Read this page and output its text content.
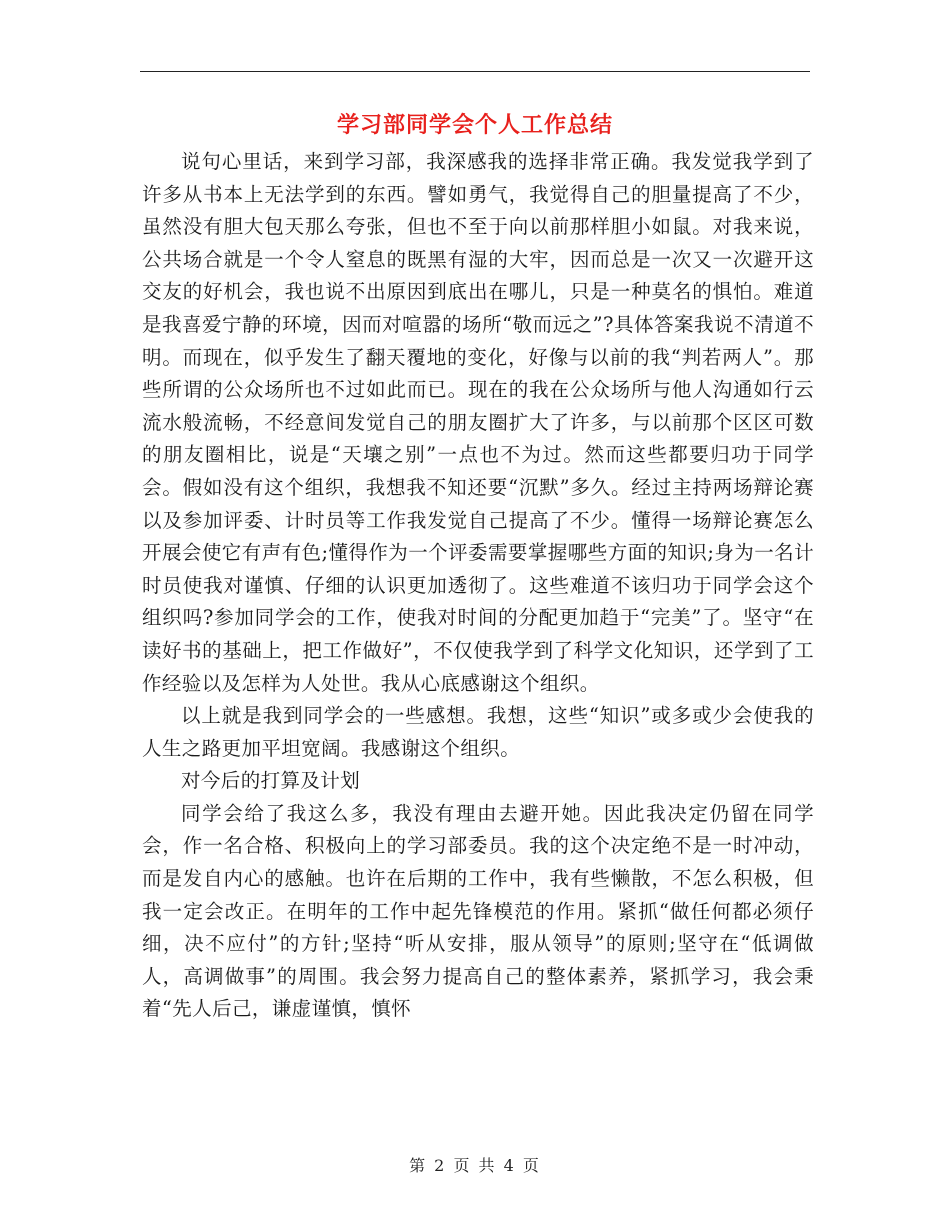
学习部同学会个人工作总结

说句心里话，来到学习部，我深感我的选择非常正确。我发觉我学到了许多从书本上无法学到的东西。譬如勇气，我觉得自己的胆量提高了不少，虽然没有胆大包天那么夸张，但也不至于向以前那样胆小如鼠。对我来说，公共场合就是一个令人窒息的既黑有湿的大牢，因而总是一次又一次避开这交友的好机会，我也说不出原因到底出在哪儿，只是一种莫名的惧怕。难道是我喜爱宁静的环境，因而对喧嚣的场所“敬而远之”?具体答案我说不清道不明。而现在，似乎发生了翻天覆地的变化，好像与以前的我“判若两人”。那些所谓的公众场所也不过如此而已。现在的我在公众场所与他人沟通如行云流水般流畅，不经意间发觉自己的朋友圈扩大了许多，与以前那个区区可数的朋友圈相比，说是“天壤之别”一点也不为过。然而这些都要归功于同学会。假如没有这个组织，我想我不知还要“沉默”多久。经过主持两场辩论赛以及参加评委、计时员等工作我发觉自己提高了不少。懂得一场辩论赛怎么开展会使它有声有色;懂得作为一个评委需要掌握哪些方面的知识;身为一名计时员使我对谨慎、仔细的认识更加透彻了。这些难道不该归功于同学会这个组织吗?参加同学会的工作，使我对时间的分配更加趋于“完美”了。坚守“在读好书的基础上，把工作做好”，不仅使我学到了科学文化知识，还学到了工作经验以及怎样为人处世。我从心底感谢这个组织。

以上就是我到同学会的一些感想。我想，这些“知识”或多或少会使我的人生之路更加平坦宽阔。我感谢这个组织。

对今后的打算及计划

同学会给了我这么多，我没有理由去避开她。因此我决定仍留在同学会，作一名合格、积极向上的学习部委员。我的这个决定绝不是一时冲动，而是发自内心的感触。也许在后期的工作中，我有些懒散，不怎么积极，但我一定会改正。在明年的工作中起先锋模范的作用。紧抓“做任何都必须仔细，决不应付”的方针;坚持“听从安排，服从领导”的原则;坚守在“低调做人，高调做事”的周围。我会努力提高自己的整体素养，紧抓学习，我会秉着“先人后己，谦虚谨慎，慎怀

第 2 页 共 4 页
